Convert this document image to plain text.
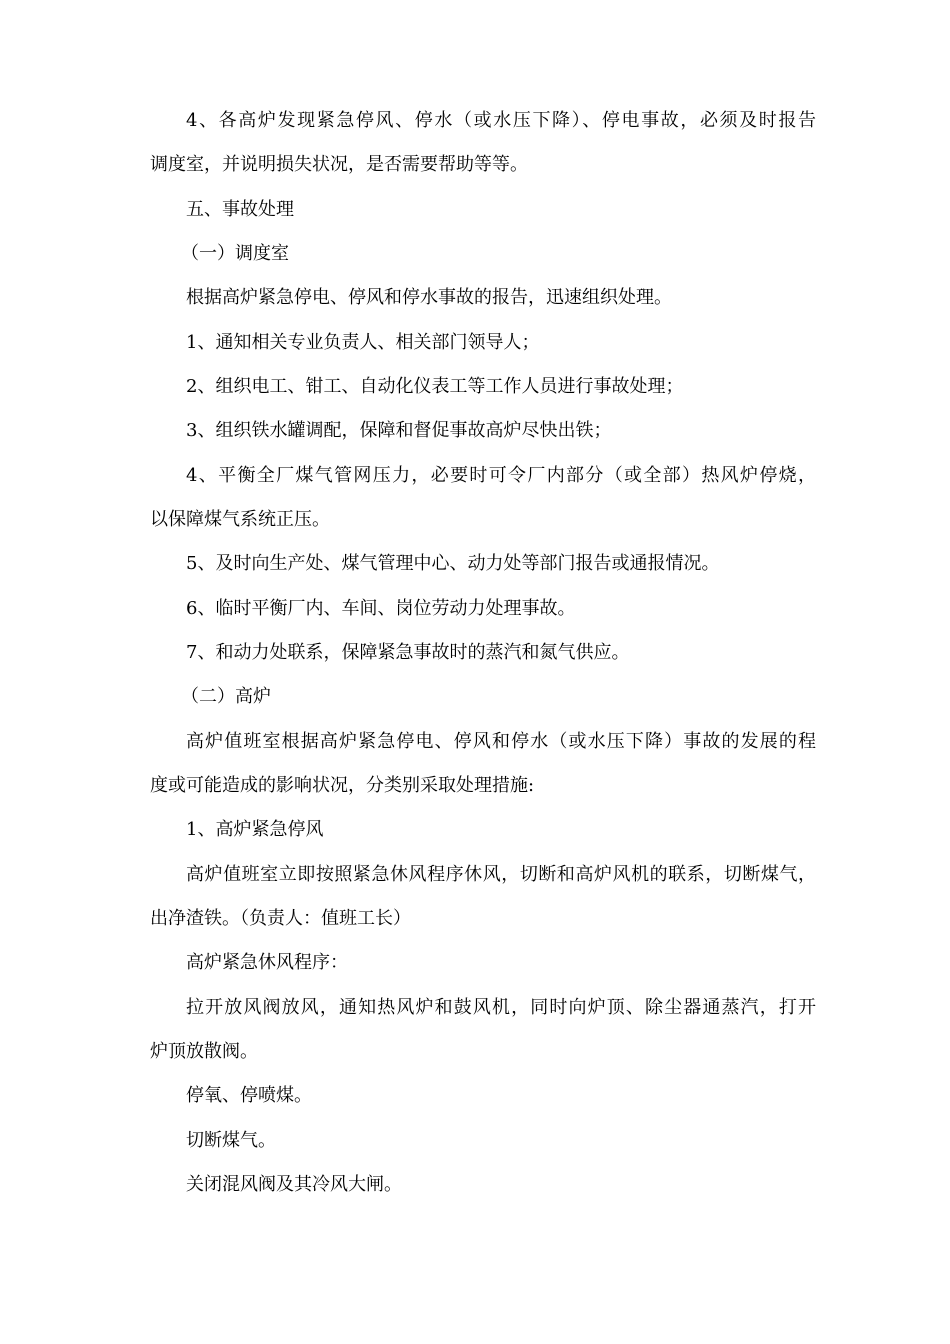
4、各高炉发现紧急停风、停水（或水压下降）、停电事故，必须及时报告
调度室，并说明损失状况，是否需要帮助等等。
五、事故处理
（一）调度室
根据高炉紧急停电、停风和停水事故的报告，迅速组织处理。
1、通知相关专业负责人、相关部门领导人；
2、组织电工、钳工、自动化仪表工等工作人员进行事故处理；
3、组织铁水罐调配，保障和督促事故高炉尽快出铁；
4、平衡全厂煤气管网压力，必要时可令厂内部分（或全部）热风炉停烧，
以保障煤气系统正压。
5、及时向生产处、煤气管理中心、动力处等部门报告或通报情况。
6、临时平衡厂内、车间、岗位劳动力处理事故。
7、和动力处联系，保障紧急事故时的蒸汽和氮气供应。
（二）高炉
高炉值班室根据高炉紧急停电、停风和停水（或水压下降）事故的发展的程
度或可能造成的影响状况，分类别采取处理措施:
1、高炉紧急停风
高炉值班室立即按照紧急休风程序休风，切断和高炉风机的联系，切断煤气，
出净渣铁。（负责人：值班工长）
高炉紧急休风程序：
拉开放风阀放风，通知热风炉和鼓风机，同时向炉顶、除尘器通蒸汽，打开
炉顶放散阀。
停氧、停喷煤。
切断煤气。
关闭混风阀及其冷风大闸。
